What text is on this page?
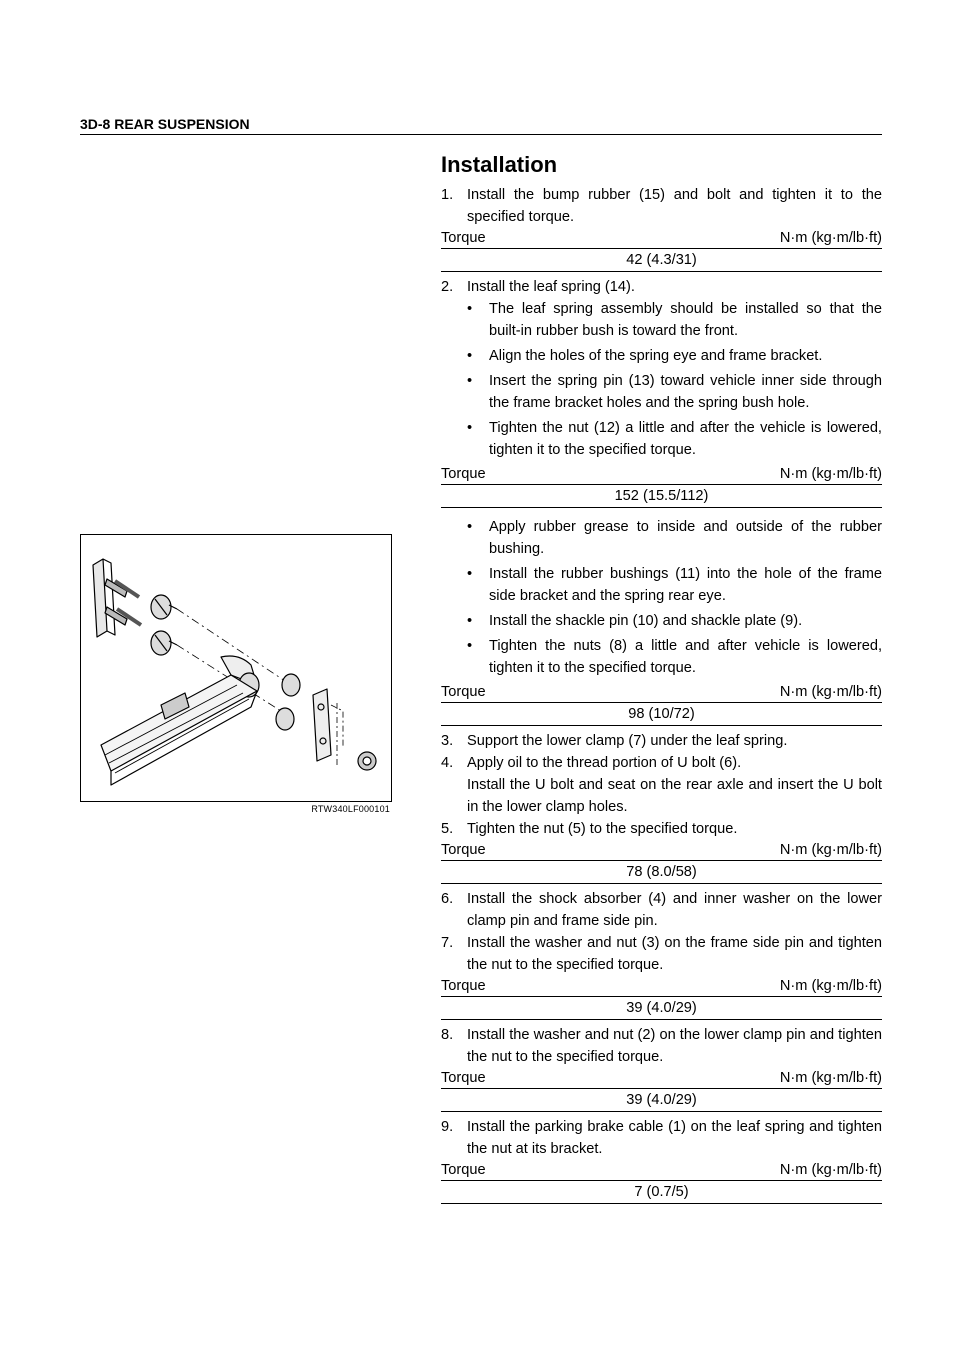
3D-8 REAR SUSPENSION
RTW340LF000101
Installation
1. Install the bump rubber (15) and bolt and tighten it to the specified torque.
Torque	N·m (kg·m/lb·ft)
42 (4.3/31)
2. Install the leaf spring (14).
•	The leaf spring assembly should be installed so that the built-in rubber bush is toward the front.
•	Align the holes of the spring eye and frame bracket.
•	Insert the spring pin (13) toward vehicle inner side through the frame bracket holes and the spring bush hole.
•	Tighten the nut (12) a little and after the vehicle is lowered, tighten it to the specified torque.
Torque	N·m (kg·m/lb·ft)
152 (15.5/112)
•	Apply rubber grease to inside and outside of the rubber bushing.
•	Install the rubber bushings (11) into the hole of the frame side bracket and the spring rear eye.
•	Install the shackle pin (10) and shackle plate (9).
•	Tighten the nuts (8) a little and after vehicle is lowered, tighten it to the specified torque.
Torque	N·m (kg·m/lb·ft)
98 (10/72)
3. Support the lower clamp (7) under the leaf spring.
4. Apply oil to the thread portion of U bolt (6).
Install the U bolt and seat on the rear axle and insert the U bolt in the lower clamp holes.
5. Tighten the nut (5) to the specified torque.
Torque	N·m (kg·m/lb·ft)
78 (8.0/58)
6. Install the shock absorber (4) and inner washer on the lower clamp pin and frame side pin.
7. Install the washer and nut (3) on the frame side pin and tighten the nut to the specified torque.
Torque	N·m (kg·m/lb·ft)
39 (4.0/29)
8. Install the washer and nut (2) on the lower clamp pin and tighten the nut to the specified torque.
Torque	N·m (kg·m/lb·ft)
39 (4.0/29)
9. Install the parking brake cable (1) on the leaf spring and tighten the nut at its bracket.
Torque	N·m (kg·m/lb·ft)
7 (0.7/5)
